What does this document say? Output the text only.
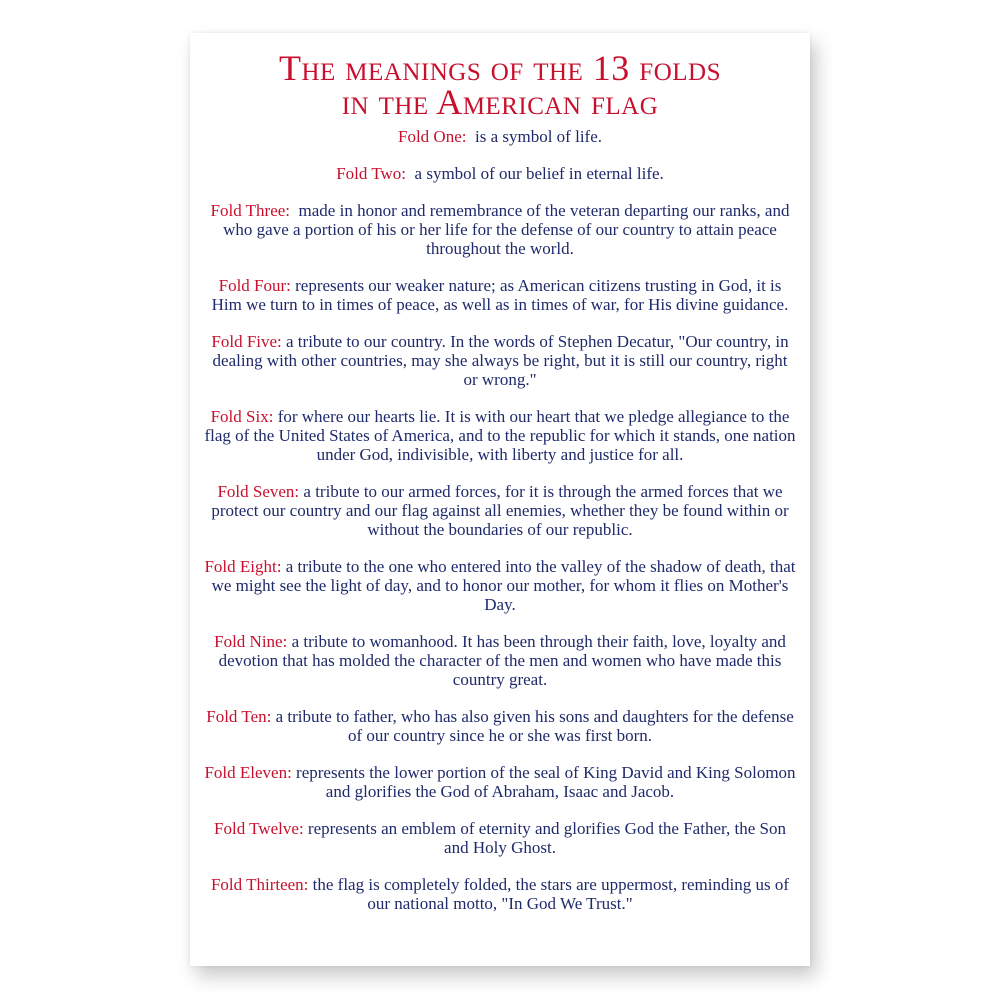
The meanings of the 13 folds
in the American flag

Fold One: is a symbol of life.

Fold Two: a symbol of our belief in eternal life.

Fold Three: made in honor and remembrance of the veteran departing our ranks, and who gave a portion of his or her life for the defense of our country to attain peace throughout the world.

Fold Four: represents our weaker nature; as American citizens trusting in God, it is Him we turn to in times of peace, as well as in times of war, for His divine guidance.

Fold Five: a tribute to our country. In the words of Stephen Decatur, "Our country, in dealing with other countries, may she always be right, but it is still our country, right or wrong."

Fold Six: for where our hearts lie. It is with our heart that we pledge allegiance to the flag of the United States of America, and to the republic for which it stands, one nation under God, indivisible, with liberty and justice for all.

Fold Seven: a tribute to our armed forces, for it is through the armed forces that we protect our country and our flag against all enemies, whether they be found within or without the boundaries of our republic.

Fold Eight: a tribute to the one who entered into the valley of the shadow of death, that we might see the light of day, and to honor our mother, for whom it flies on Mother's Day.

Fold Nine: a tribute to womanhood. It has been through their faith, love, loyalty and devotion that has molded the character of the men and women who have made this country great.

Fold Ten: a tribute to father, who has also given his sons and daughters for the defense of our country since he or she was first born.

Fold Eleven: represents the lower portion of the seal of King David and King Solomon and glorifies the God of Abraham, Isaac and Jacob.

Fold Twelve: represents an emblem of eternity and glorifies God the Father, the Son and Holy Ghost.

Fold Thirteen: the flag is completely folded, the stars are uppermost, reminding us of our national motto, "In God We Trust."
